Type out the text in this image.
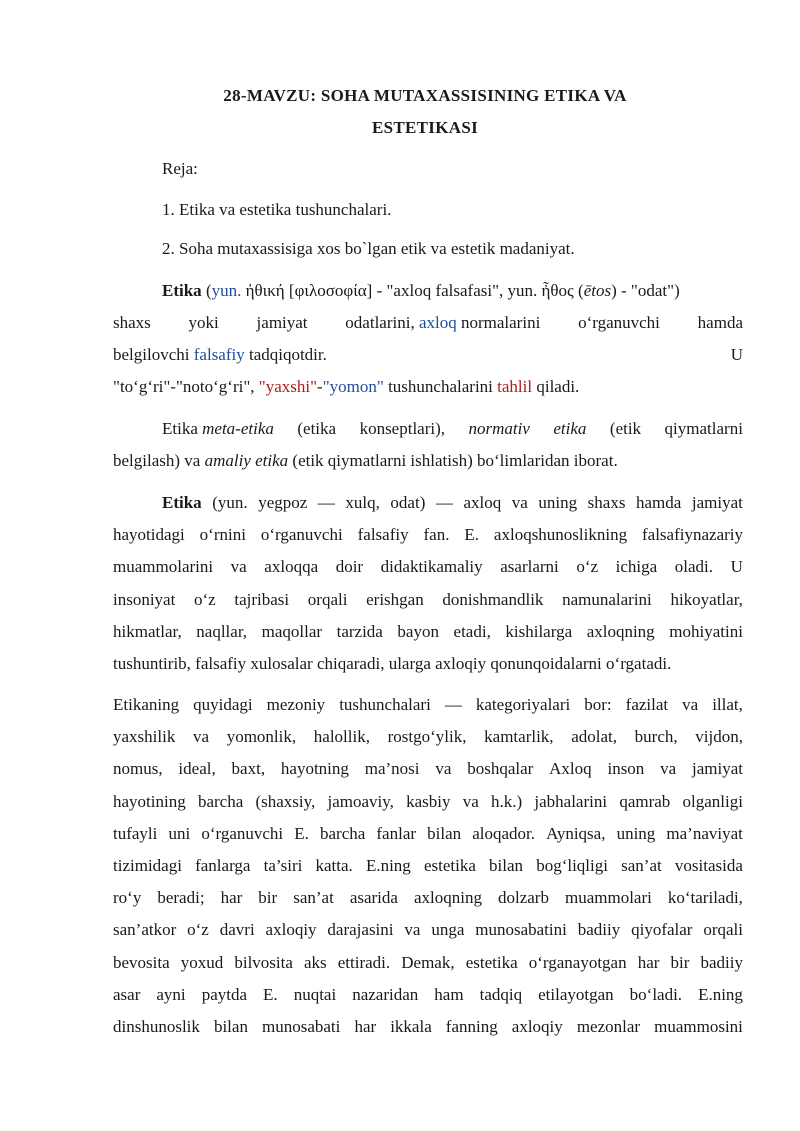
28-MAVZU: SOHA MUTAXASSISINING ETIKA VA
ESTETIKASI
Reja:
1. Etika va estetika tushunchalari.
2. Soha mutaxassisiga xos bo`lgan etik va estetik madaniyat.
Etika (yun. ἠθική [φιλοσοφία] - "axloq falsafasi", yun. ἦθος (ētos) - "odat")
shaxs yoki jamiyat odatlarini, axloq normalarini o‘rganuvchi hamda
belgilovchi falsafiy tadqiqotdir.	U
"to‘g‘ri"-"noto‘g‘ri", "yaxshi"-"yomon" tushunchalarini tahlil qiladi.
Etika meta-etika (etika konseptlari), normativ etika (etik qiymatlarni
belgilash) va amaliy etika (etik qiymatlarni ishlatish) bo‘limlaridan iborat.
Etika (yun. yegpoz — xulq, odat) — axloq va uning shaxs hamda jamiyat
hayotidagi o‘rnini o‘rganuvchi falsafiy fan. E. axloqshunoslikning falsafiynazariy
muammolarini va axloqqa doir didaktikamaliy asarlarni o‘z ichiga oladi. U
insoniyat o‘z tajribasi orqali erishgan donishmandlik namunalarini hikoyatlar,
hikmatlar, naqllar, maqollar tarzida bayon etadi, kishilarga axloqning mohiyatini
tushuntirib, falsafiy xulosalar chiqaradi, ularga axloqiy qonunqoidalarni o‘rgatadi.
Etikaning quyidagi mezoniy tushunchalari — kategoriyalari bor: fazilat va illat,
yaxshilik va yomonlik, halollik, rostgo‘ylik, kamtarlik, adolat, burch, vijdon,
nomus, ideal, baxt, hayotning ma’nosi va boshqalar Axloq inson va jamiyat
hayotining barcha (shaxsiy, jamoaviy, kasbiy va h.k.) jabhalarini qamrab olganligi
tufayli uni o‘rganuvchi E. barcha fanlar bilan aloqador. Ayniqsa, uning ma’naviyat
tizimidagi fanlarga ta’siri katta. E.ning estetika bilan bog‘liqligi san’at vositasida
ro‘y beradi; har bir san’at asarida axloqning dolzarb muammolari ko‘tariladi,
san’atkor o‘z davri axloqiy darajasini va unga munosabatini badiiy qiyofalar orqali
bevosita yoxud bilvosita aks ettiradi. Demak, estetika o‘rganayotgan har bir badiiy
asar ayni paytda E. nuqtai nazaridan ham tadqiq etilayotgan bo‘ladi. E.ning
dinshunoslik bilan munosabati har ikkala fanning axloqiy mezonlar muammosini
